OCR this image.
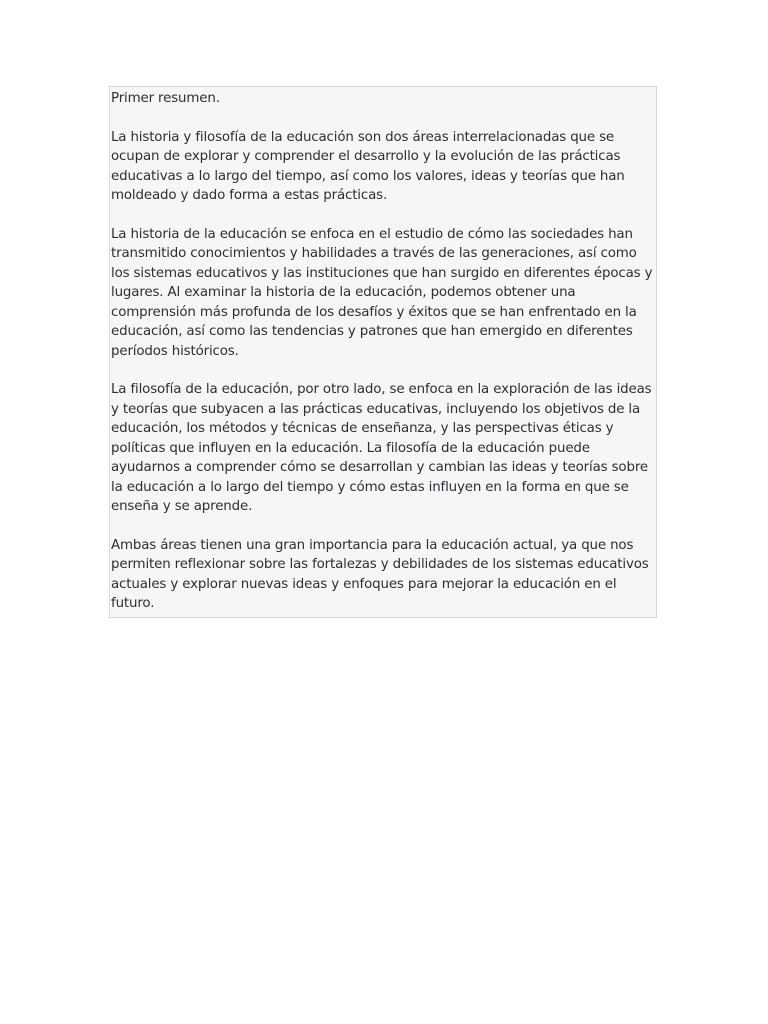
Primer resumen.

La historia y filosofía de la educación son dos áreas interrelacionadas que se ocupan de explorar y comprender el desarrollo y la evolución de las prácticas educativas a lo largo del tiempo, así como los valores, ideas y teorías que han moldeado y dado forma a estas prácticas.

La historia de la educación se enfoca en el estudio de cómo las sociedades han transmitido conocimientos y habilidades a través de las generaciones, así como los sistemas educativos y las instituciones que han surgido en diferentes épocas y lugares. Al examinar la historia de la educación, podemos obtener una comprensión más profunda de los desafíos y éxitos que se han enfrentado en la educación, así como las tendencias y patrones que han emergido en diferentes períodos históricos.

La filosofía de la educación, por otro lado, se enfoca en la exploración de las ideas y teorías que subyacen a las prácticas educativas, incluyendo los objetivos de la educación, los métodos y técnicas de enseñanza, y las perspectivas éticas y políticas que influyen en la educación. La filosofía de la educación puede ayudarnos a comprender cómo se desarrollan y cambian las ideas y teorías sobre la educación a lo largo del tiempo y cómo estas influyen en la forma en que se enseña y se aprende.

Ambas áreas tienen una gran importancia para la educación actual, ya que nos permiten reflexionar sobre las fortalezas y debilidades de los sistemas educativos actuales y explorar nuevas ideas y enfoques para mejorar la educación en el futuro.
